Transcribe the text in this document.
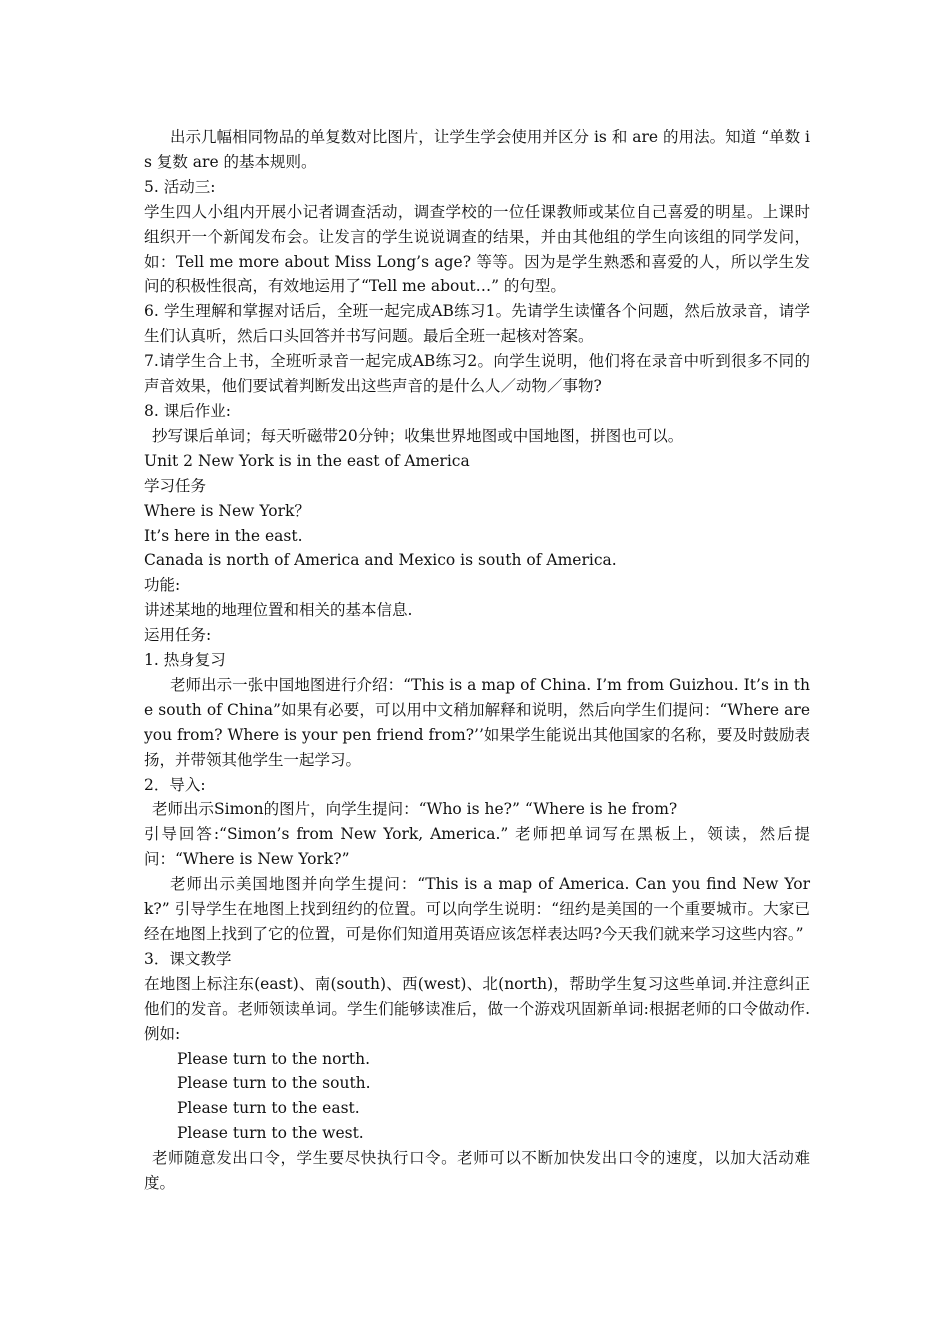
出示几幅相同物品的单复数对比图片，让学生学会使用并区分 is 和 are 的用法。知道 “单数 is 复数 are 的基本规则。

5. 活动三:

学生四人小组内开展小记者调查活动，调查学校的一位任课教师或某位自己喜爱的明星。上课时组织开一个新闻发布会。让发言的学生说说调查的结果，并由其他组的学生向该组的同学发问，如：Tell me more about Miss Long’s age? 等等。因为是学生熟悉和喜爱的人，所以学生发问的积极性很高，有效地运用了“Tell me about…” 的句型。

6. 学生理解和掌握对话后，全班一起完成AB练习1。先请学生读懂各个问题，然后放录音，请学生们认真听，然后口头回答并书写问题。最后全班一起核对答案。

7.请学生合上书，全班听录音一起完成AB练习2。向学生说明，他们将在录音中听到很多不同的声音效果，他们要试着判断发出这些声音的是什么人／动物／事物?

8. 课后作业:

抄写课后单词；每天听磁带20分钟；收集世界地图或中国地图，拼图也可以。

Unit 2 New York is in the east of America

学习任务

Where is New York？

It’s here in the east.

Canada is north of America and Mexico is south of America.

功能:

讲述某地的地理位置和相关的基本信息.

运用任务:

1. 热身复习

老师出示一张中国地图进行介绍：“This is a map of China. I’m from Guizhou. It’s in the south of China”如果有必要，可以用中文稍加解释和说明，然后向学生们提问：“Where are you from? Where is your pen friend from?’’如果学生能说出其他国家的名称，要及时鼓励表扬，并带领其他学生一起学习。

2．导入:

老师出示Simon的图片，向学生提问：“Who is he?” “Where is he from?

引导回答:“Simon’s from New York, America.” 老师把单词写在黑板上，领读，然后提问：“Where is New York?”

老师出示美国地图并向学生提问：“This is a map of America. Can you find New York?” 引导学生在地图上找到纽约的位置。可以向学生说明：“纽约是美国的一个重要城市。大家已经在地图上找到了它的位置，可是你们知道用英语应该怎样表达吗?今天我们就来学习这些内容。”

3．课文教学

在地图上标注东(east)、南(south)、西(west)、北(north)，帮助学生复习这些单词.并注意纠正他们的发音。老师领读单词。学生们能够读准后，做一个游戏巩固新单词:根据老师的口令做动作. 例如:

Please turn to the north.

Please turn to the south.

Please turn to the east.

Please turn to the west.

老师随意发出口令，学生要尽快执行口令。老师可以不断加快发出口令的速度，以加大活动难度。
